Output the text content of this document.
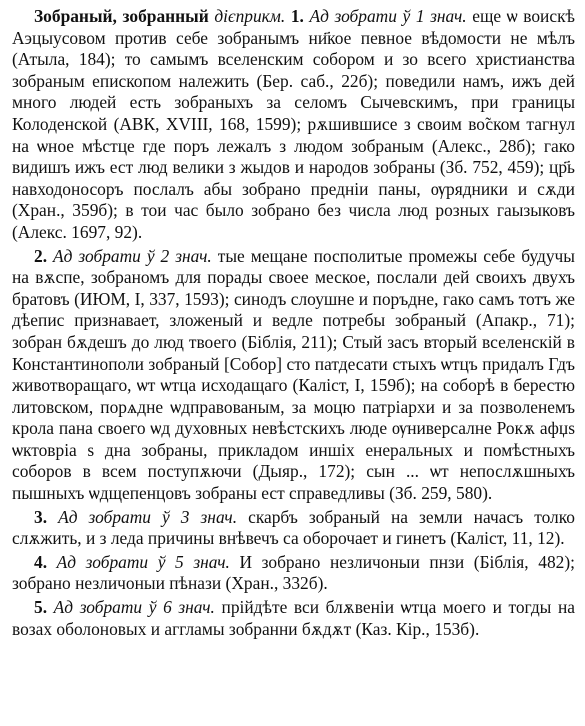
Зобраный, зобранный дієприкм. 1. Ад зобрати ў 1 знач. еще ѡ воискѣ Аэцыусовом против себе зобранымъ ни҃кое певное вѣдомости не мѣлъ (Атыла, 184); то самымъ вселенским собором и зо всего христианства зобраным епископом належить (Бер. саб., 22б); поведили намъ, ижъ дей много людей есть зобраныхъ за селомъ Сычевскимъ, при границы Колоденской (АВК, XVIII, 168, 1599); рѫшившисе з своим во̃ском тагнул на ѡное мѣстце где поръ лежалъ з людом зобраным (Алекс., 28б); гако видишъ ижъ ест люд велики з жыдов и народов зобраны (Зб. 752, 459); цр҃ь навходоносоръ послалъ абы зобрано предніи паны, ѹрядники и сѫди (Хран., 359б); в тои час было зобрано без числа люд розных гаызыковъ (Алекс. 1697, 92).

2. Ад зобрати ў 2 знач. тые мещане посполитые промежы себе будучы на вѫспе, зобраномъ для порады своее меское, послали дей своихъ двухъ братовъ (ИЮМ, I, 337, 1593); синодъ слоушне и поръдне, гако самъ тотъ же дѣепис признавает, зложеный и ведле потребы зобраный (Апакр., 71); зобран бѫдешъ до люд твоего (Біблія, 211); Стый засъ вторый вселенскій в Константинополи зобраный [Собор] сто патдесати стыхъ ѡтцъ придалъ Гдъ животворащаго, ѡт ѡтца исходащаго (Каліст, I, 159б); на соборѣ в берестю литовском, порѧдне ѡдправованым, за моцю патріархи и за позволенемъ крола пана своего ѡд духовных невѣстскихъ люде ѹниверсалне Рокѫ афџѕ ѡктовріа ѕ дна зобраны, прикладом иншіх енеральных и помѣстныхъ соборов в всем поступѫючи (Дыяр., 172); сын ... ѡт непослѫшныхъ пышныхъ ѡдщепенцовъ зобраны ест справедливы (Зб. 259, 580).

3. Ад зобрати ў 3 знач. скарбъ зобраный на земли начасъ толко слѫжить, и з леда причины внѣвечъ са оборочает и гинетъ (Каліст, 11, 12).

4. Ад зобрати ў 5 знач. И зобрано незличоныи пнзи (Біблія, 482); зобрано незличоныи пѣнази (Хран., 332б).

5. Ад зобрати ў 6 знач. прійдѣте вси блѫвеніи ѡтца моего и тогды на возах оболоновых и аггламы зобранни бѫдѫт (Каз. Кір., 153б).
